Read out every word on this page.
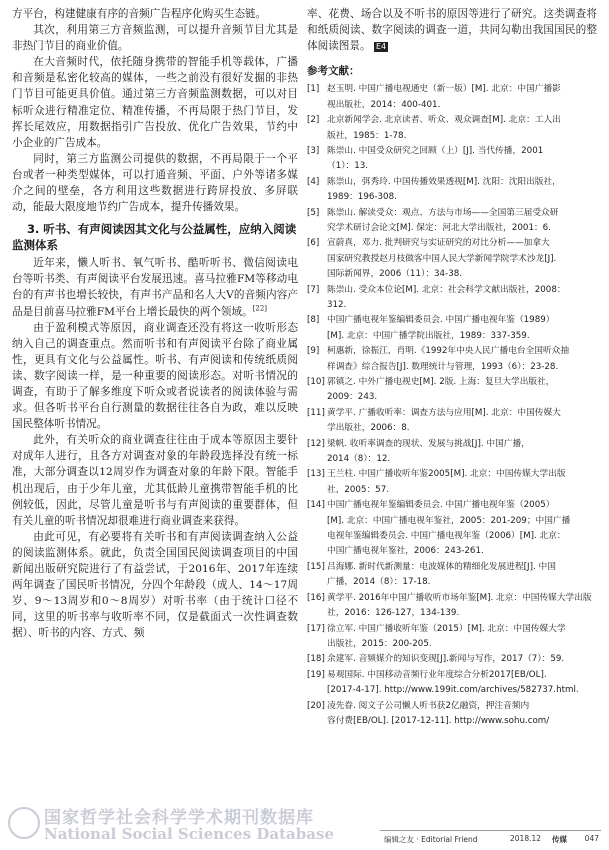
方平台，构建健康有序的音频广告程序化购买生态链。

其次，利用第三方音频监测，可以提升音频节目尤其是非热门节目的商业价值。

在大音频时代，依托随身携带的智能手机等载体，广播和音频是私密化较高的媒体，一些之前没有很好发掘的非热门节目可能更具价值。通过第三方音频监测数据，可以对目标听众进行精准定位、精准传播，不再局限于热门节目，发挥长尾效应，用数据指引广告投放、优化广告效果，节约中小企业的广告成本。

同时，第三方监测公司提供的数据，不再局限于一个平台或者一种类型媒体，可以打通音频、平面、户外等诸多媒介之间的壁垒，各方利用这些数据进行跨屏投放、多屏联动，能最大限度地节约广告成本，提升传播效果。

3. 听书、有声阅读因其文化与公益属性，应纳入阅读监测体系

近年来，懒人听书、氧气听书、酷听听书、微信阅读电台等听书类、有声阅读平台发展迅速。喜马拉雅FM等移动电台的有声书也增长较快，有声书产品和名人大V的音频内容产品是目前喜马拉雅FM平台上增长最快的两个领域。[22]

由于盈利模式等原因，商业调查还没有将这一收听形态纳入自己的调查重点。然而听书和有声阅读平台除了商业属性，更具有文化与公益属性。听书、有声阅读和传统纸质阅读、数字阅读一样，是一种重要的阅读形态。对听书情况的调查，有助于了解多维度下听众或者说读者的阅读体验与需求。但各听书平台自行测量的数据往往各自为政，难以反映国民整体听书情况。

此外，有关听众的商业调查往往由于成本等原因主要针对成年人进行，且各方对调查对象的年龄段选择没有统一标准，大部分调查以12周岁作为调查对象的年龄下限。智能手机出现后，由于少年儿童，尤其低龄儿童携带智能手机的比例较低，因此，尽管儿童是听书与有声阅读的重要群体，但有关儿童的听书情况却很难进行商业调查来获得。

由此可见，有必要将有关听书和有声阅读调查纳入公益的阅读监测体系。就此，负责全国国民阅读调查项目的中国新闻出版研究院进行了有益尝试，于2016年、2017年连续两年调查了国民听书情况，分四个年龄段（成人、14～17周岁、9～13周岁和0～8周岁）对听书率（由于统计口径不同，这里的听书率与收听率不同，仅是截面式一次性调查数据）、听书的内容、方式、频

率、花费、场合以及不听书的原因等进行了研究。这类调查将和纸质阅读、数字阅读的调查一道，共同勾勒出我国国民的整体阅读图景。 E4

参考文献：
[1] 赵玉明. 中国广播电视通史（新一版）[M]. 北京：中国广播影
视出版社，2014：400-401.
[2] 北京新闻学会. 北京读者、听众、观众调查[M]. 北京：工人出
版社，1985：1-78.
[3] 陈崇山. 中国受众研究之回顾（上）[J]. 当代传播，2001
（1）：13.
[4] 陈崇山，弭秀玲. 中国传播效果透视[M]. 沈阳：沈阳出版社，
1989：196-308.
[5] 陈崇山. 解读受众：观点、方法与市场——全国第三届受众研
究学术研讨会论文[M]. 保定：河北大学出版社，2001：6.
[6] 宣蔚真，邓力. 批判研究与实证研究的对比分析——加拿大
国家研究教授赵月枝做客中国人民大学新闻学院学术沙龙[J].
国际新闻界，2006（11）：34-38.
[7] 陈崇山. 受众本位论[M]. 北京：社会科学文献出版社，2008：
312.
[8] 中国广播电视年鉴编辑委员会. 中国广播电视年鉴（1989）
[M]. 北京：中国广播学院出版社，1989：337-359.
[9] 柯惠新，徐振江，肖明.《1992年中央人民广播电台全国听众抽
样调查》综合报告[J]. 数理统计与管理，1993（6）：23-28.
[10] 郭镇之. 中外广播电视史[M]. 2版. 上海：复旦大学出版社，
2009：243.
[11] 黄学平. 广播收听率：调查方法与应用[M]. 北京：中国传媒大
学出版社，2006：8.
[12] 梁帆. 收听率调查的现状、发展与挑战[J]. 中国广播，
2014（8）：12.
[13] 王兰柱. 中国广播收听年鉴2005[M]. 北京：中国传媒大学出版
社，2005：57.
[14] 中国广播电视年鉴编辑委员会. 中国广播电视年鉴（2005）
[M]. 北京：中国广播电视年鉴社，2005：201-209；中国广播
电视年鉴编辑委员会. 中国广播电视年鉴（2006）[M]. 北京：
中国广播电视年鉴社，2006：243-261.
[15] 吕海娜. 新时代新测量：电波媒体的精细化发展进程[J]. 中国
广播，2014（8）：17-18.
[16] 黄学平. 2016年中国广播收听市场年鉴[M]. 北京：中国传媒大学出版
社，2016：126-127，134-139.
[17] 徐立军. 中国广播收听年鉴（2015）[M]. 北京：中国传媒大学
出版社，2015：200-205.
[18] 余建军. 音频媒介的知识变现[J].新闻与写作，2017（7）：59.
[19] 易观国际. 中国移动音频行业年度综合分析2017[EB/OL].
[2017-4-17]. http://www.199it.com/archives/582737.html.
[20] 凌先眷. 阅文子公司懒人听书获2亿融资，押注音频内
容付费[EB/OL]. [2017-12-11]. http://www.sohu.com/
国家哲学社会科学学术期刊数据库
National Social Sciences Database	编辑之友 · Editorial Friend	2018.12 传媒 047
